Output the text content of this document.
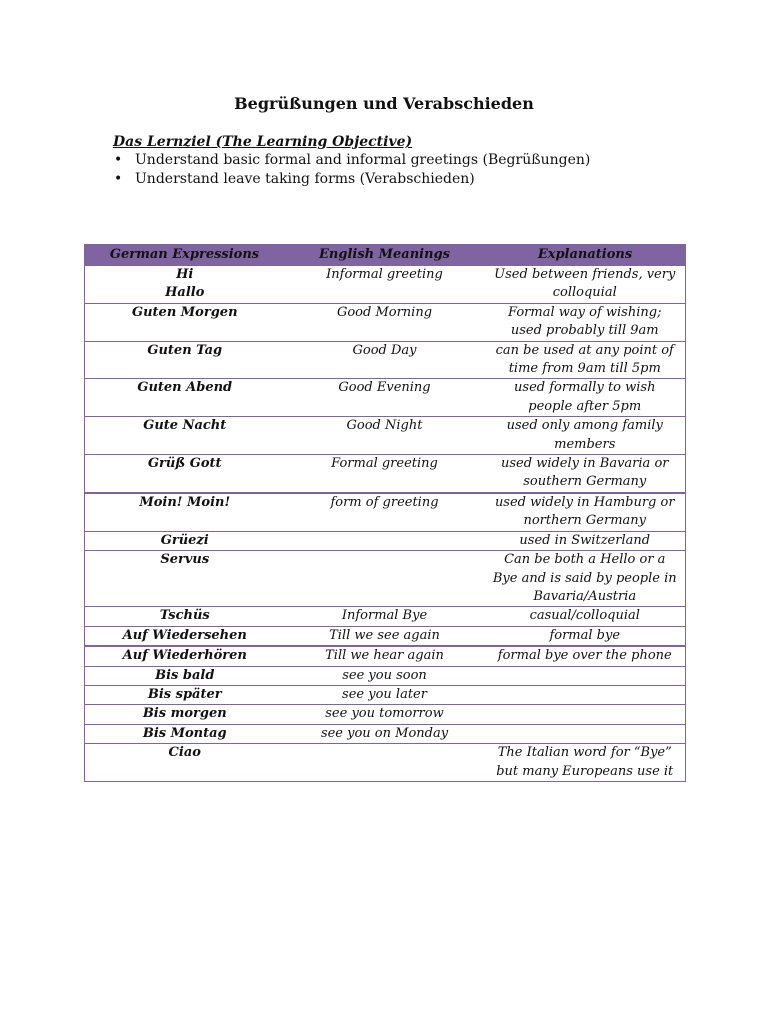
Begrüßungen und Verabschieden
Das Lernziel (The Learning Objective)
• Understand basic formal and informal greetings (Begrüßungen)
• Understand leave taking forms (Verabschieden)
German Expressions	English Meanings	Explanations

Hi
Hallo	Informal greeting	Used between friends, very colloquial

Guten Morgen	Good Morning	Formal way of wishing; used probably till 9am

Guten Tag	Good Day	can be used at any point of time from 9am till 5pm

Guten Abend	Good Evening	used formally to wish people after 5pm

Gute Nacht	Good Night	used only among family members

Grüß Gott	Formal greeting	used widely in Bavaria or southern Germany

Moin! Moin!	form of greeting	used widely in Hamburg or northern Germany

Grüezi		used in Switzerland

Servus		Can be both a Hello or a Bye and is said by people in Bavaria/Austria

Tschüs	Informal Bye	casual/colloquial

Auf Wiedersehen	Till we see again	formal bye

Auf Wiederhören	Till we hear again	formal bye over the phone

Bis bald	see you soon	

Bis später	see you later	

Bis morgen	see you tomorrow	

Bis Montag	see you on Monday	

Ciao		The Italian word for “Bye” but many Europeans use it
